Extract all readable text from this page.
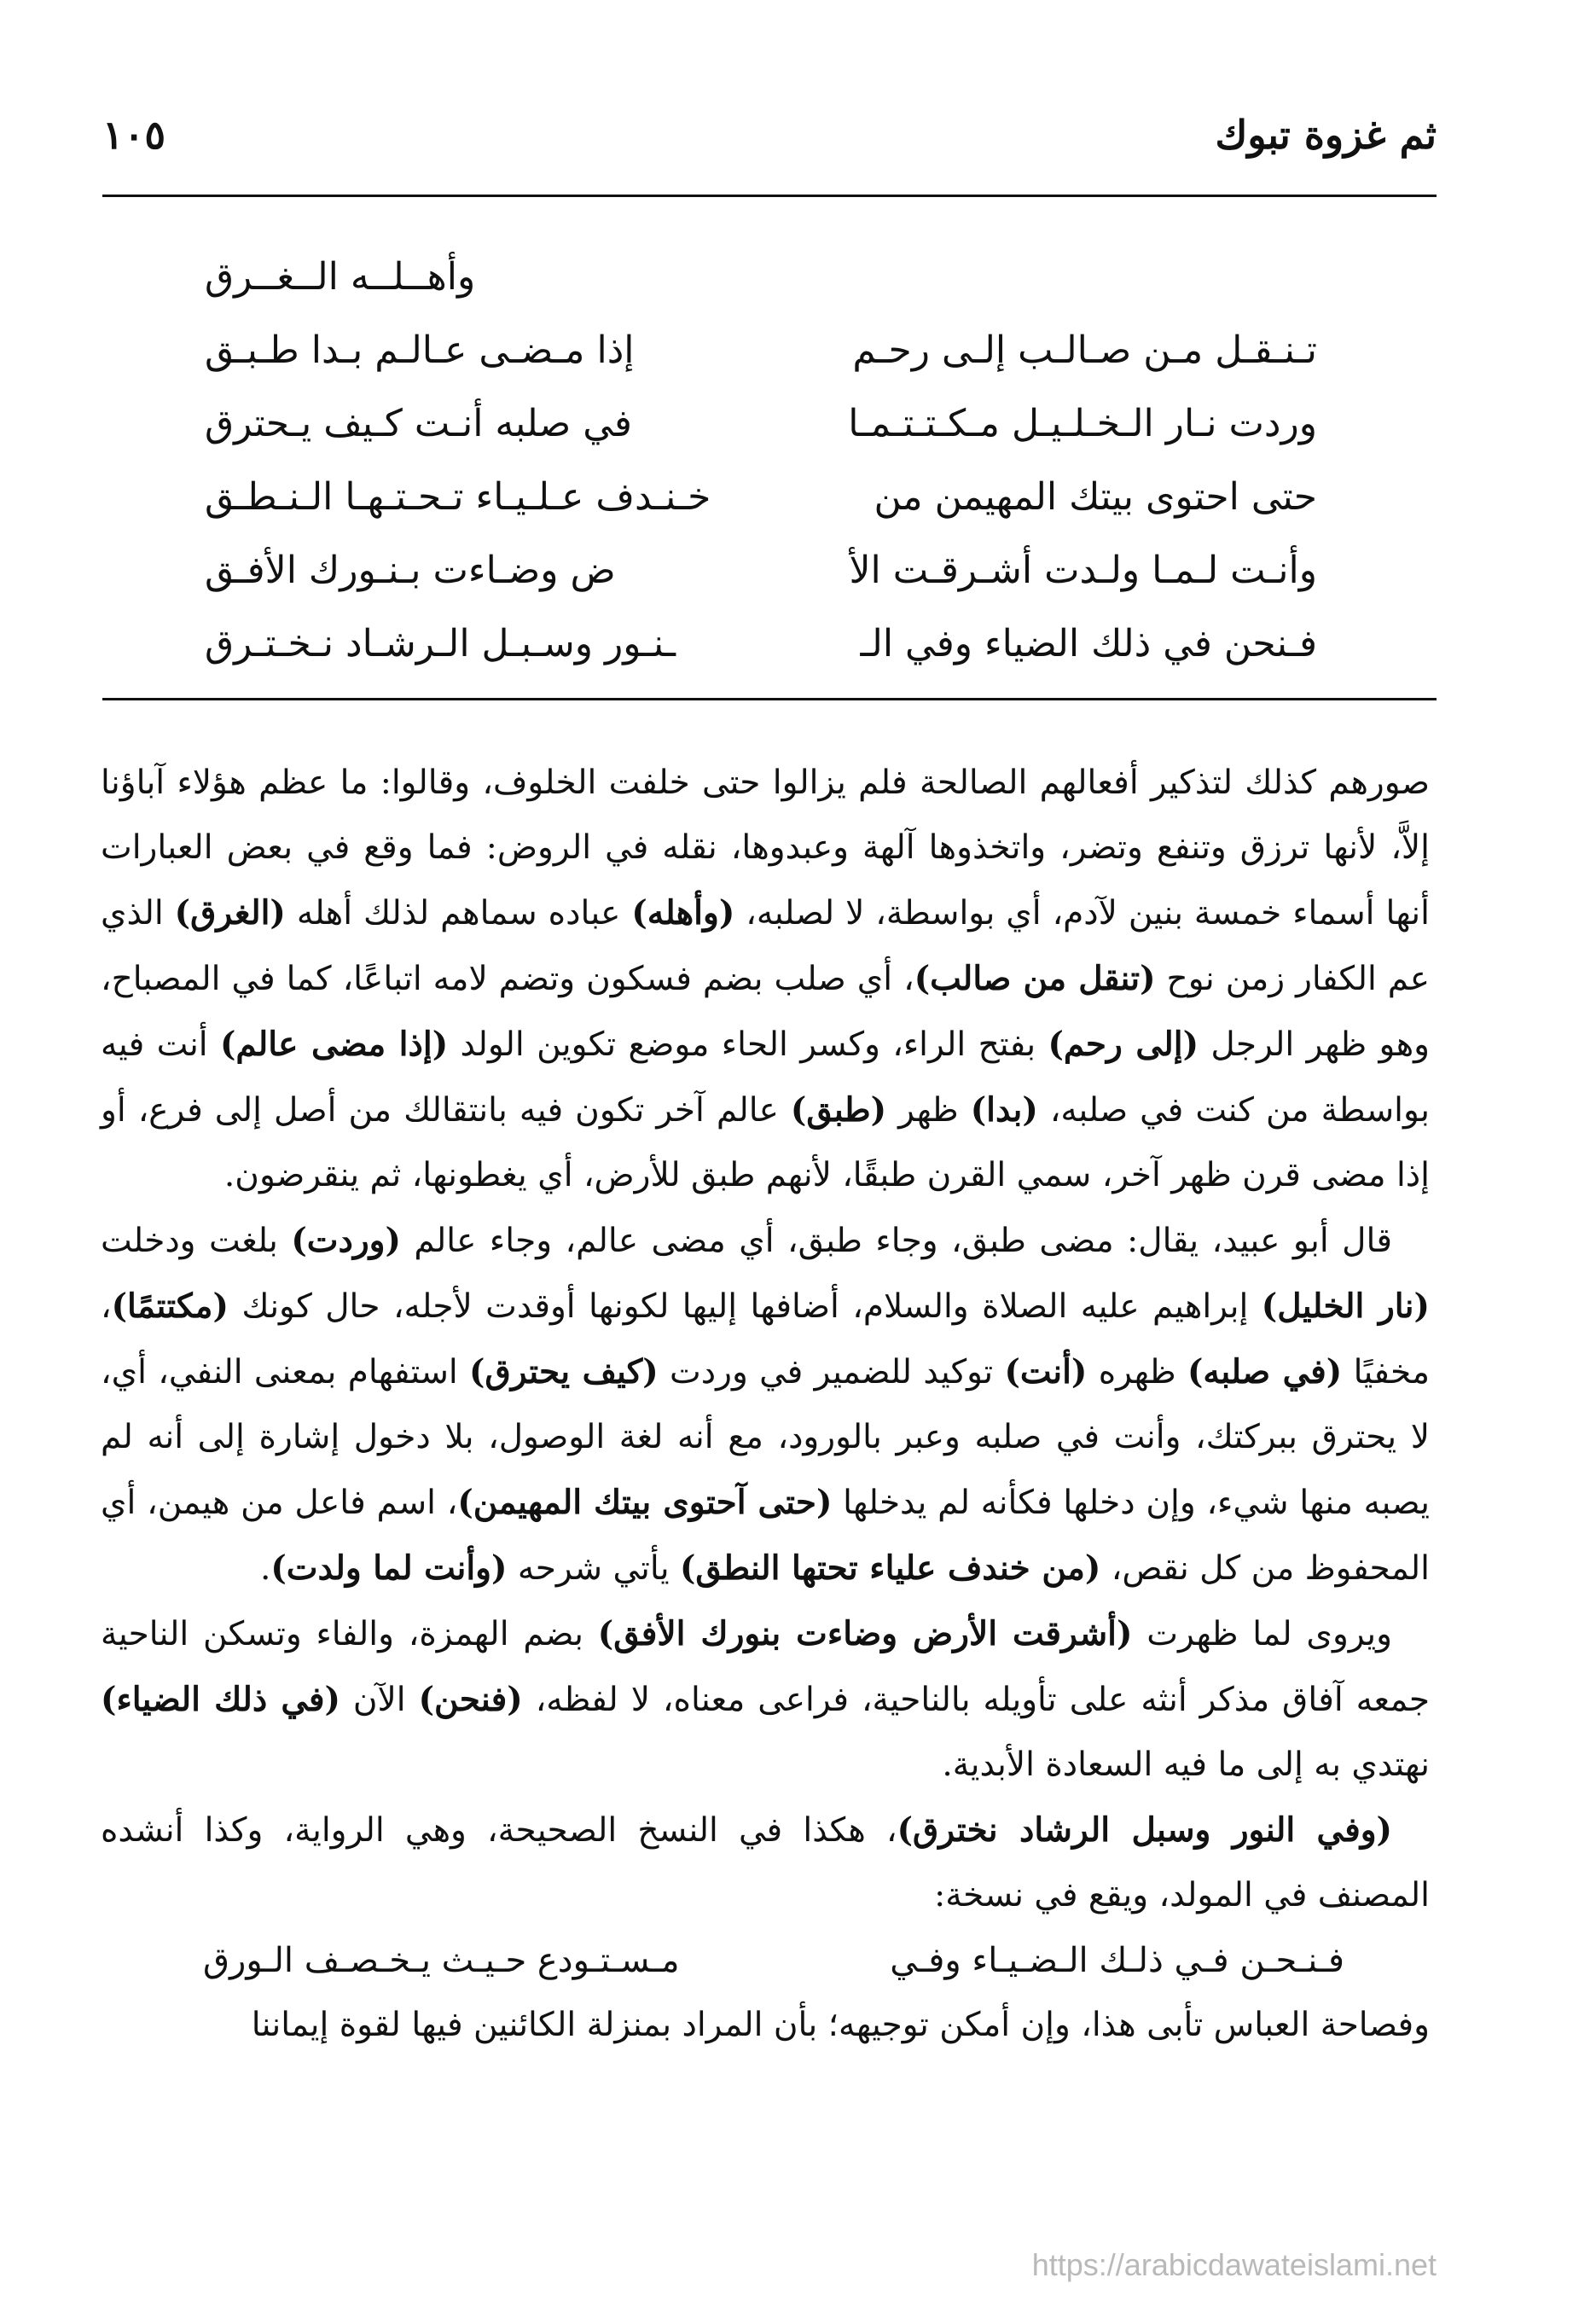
ثم غزوة تبوك
١٠٥
وأهــلــه الــغــرق
تـنـقـل مـن صـالـب إلـى رحـم
إذا مـضـى عـالـم بـدا طـبـق
وردت نـار الـخـلـيـل مـكـتـتـمـا
في صلبه أنـت كـيف يـحترق
حتى احتوى بيتك المهيمن من
خـنـدف عـلـيـاء تـحـتـهـا الـنـطـق
وأنـت لـمـا ولـدت أشـرقـت الأ
ض وضـاءت بـنـورك الأفـق
فـنحن في ذلك الضياء وفي الـ
ـنـور وسـبـل الـرشـاد نـخـتـرق

صورهم كذلك لتذكير أفعالهم الصالحة فلم يزالوا حتى خلفت الخلوف، وقالوا: ما عظم هؤلاء آباؤنا إلاَّ، لأنها ترزق وتنفع وتضر، واتخذوها آلهة وعبدوها، نقله في الروض: فما وقع في بعض العبارات أنها أسماء خمسة بنين لآدم، أي بواسطة، لا لصلبه، (وأهله) عباده سماهم لذلك أهله (الغرق) الذي عم الكفار زمن نوح (تنقل من صالب)، أي صلب بضم فسكون وتضم لامه اتباعًا، كما في المصباح، وهو ظهر الرجل (إلى رحم) بفتح الراء، وكسر الحاء موضع تكوين الولد (إذا مضى عالم) أنت فيه بواسطة من كنت في صلبه، (بدا) ظهر (طبق) عالم آخر تكون فيه بانتقالك من أصل إلى فرع، أو إذا مضى قرن ظهر آخر، سمي القرن طبقًا، لأنهم طبق للأرض، أي يغطونها، ثم ينقرضون.

قال أبو عبيد، يقال: مضى طبق، وجاء طبق، أي مضى عالم، وجاء عالم (وردت) بلغت ودخلت (نار الخليل) إبراهيم عليه الصلاة والسلام، أضافها إليها لكونها أوقدت لأجله، حال كونك (مكتتمًا)، مخفيًا (في صلبه) ظهره (أنت) توكيد للضمير في وردت (كيف يحترق) استفهام بمعنى النفي، أي، لا يحترق ببركتك، وأنت في صلبه وعبر بالورود، مع أنه لغة الوصول، بلا دخول إشارة إلى أنه لم يصبه منها شيء، وإن دخلها فكأنه لم يدخلها (حتى آحتوى بيتك المهيمن)، اسم فاعل من هيمن، أي المحفوظ من كل نقص، (من خندف علياء تحتها النطق) يأتي شرحه (وأنت لما ولدت).

ويروى لما ظهرت (أشرقت الأرض وضاءت بنورك الأفق) بضم الهمزة، والفاء وتسكن الناحية جمعه آفاق مذكر أنثه على تأويله بالناحية، فراعى معناه، لا لفظه، (فنحن) الآن (في ذلك الضياء) نهتدي به إلى ما فيه السعادة الأبدية.

(وفي النور وسبل الرشاد نخترق)، هكذا في النسخ الصحيحة، وهي الرواية، وكذا أنشده المصنف في المولد، ويقع في نسخة:

فـنـحـن فـي ذلـك الـضـيـاء وفـي
مـسـتـودع حـيـث يـخـصـف الـورق

وفصاحة العباس تأبى هذا، وإن أمكن توجيهه؛ بأن المراد بمنزلة الكائنين فيها لقوة إيماننا

https://arabicdawateislami.net
